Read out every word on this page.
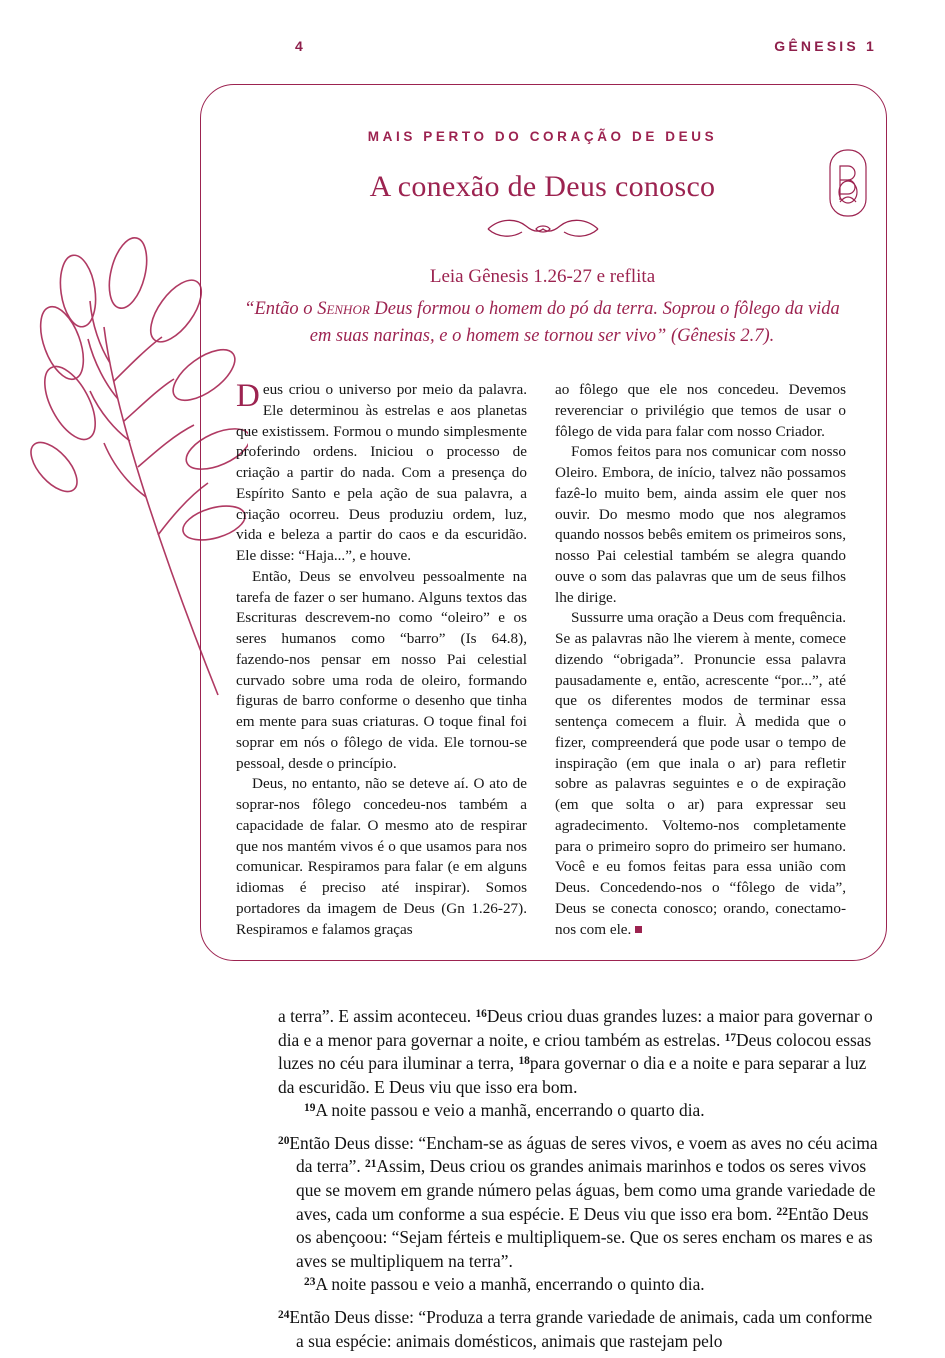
4	GÊNESIS 1
MAIS PERTO DO CORAÇÃO DE DEUS
A conexão de Deus conosco
Leia Gênesis 1.26-27 e reflita
“Então o Senhor Deus formou o homem do pó da terra. Soprou o fôlego da vida em suas narinas, e o homem se tornou ser vivo” (Gênesis 2.7).

Deus criou o universo por meio da palavra. Ele determinou às estrelas e aos planetas que existissem. Formou o mundo simplesmente proferindo ordens. Iniciou o processo de criação a partir do nada. Com a presença do Espírito Santo e pela ação de sua palavra, a criação ocorreu. Deus produziu ordem, luz, vida e beleza a partir do caos e da escuridão. Ele disse: “Haja...”, e houve.

Então, Deus se envolveu pessoalmente na tarefa de fazer o ser humano. Alguns textos das Escrituras descrevem-no como “oleiro” e os seres humanos como “barro” (Is 64.8), fazendo-nos pensar em nosso Pai celestial curvado sobre uma roda de oleiro, formando figuras de barro conforme o desenho que tinha em mente para suas criaturas. O toque final foi soprar em nós o fôlego de vida. Ele tornou-se pessoal, desde o princípio.

Deus, no entanto, não se deteve aí. O ato de soprar-nos fôlego concedeu-nos também a capacidade de falar. O mesmo ato de respirar que nos mantém vivos é o que usamos para nos comunicar. Respiramos para falar (e em alguns idiomas é preciso até inspirar). Somos portadores da imagem de Deus (Gn 1.26-27). Respiramos e falamos graças

ao fôlego que ele nos concedeu. Devemos reverenciar o privilégio que temos de usar o fôlego de vida para falar com nosso Criador.

Fomos feitos para nos comunicar com nosso Oleiro. Embora, de início, talvez não possamos fazê-lo muito bem, ainda assim ele quer nos ouvir. Do mesmo modo que nos alegramos quando nossos bebês emitem os primeiros sons, nosso Pai celestial também se alegra quando ouve o som das palavras que um de seus filhos lhe dirige.

Sussurre uma oração a Deus com frequência. Se as palavras não lhe vierem à mente, comece dizendo “obrigada”. Pronuncie essa palavra pausadamente e, então, acrescente “por...”, até que os diferentes modos de terminar essa sentença comecem a fluir. À medida que o fizer, compreenderá que pode usar o tempo de inspiração (em que inala o ar) para refletir sobre as palavras seguintes e o de expiração (em que solta o ar) para expressar seu agradecimento. Voltemo-nos completamente para o primeiro sopro do primeiro ser humano. Você e eu fomos feitas para essa união com Deus. Concedendo-nos o “fôlego de vida”, Deus se conecta conosco; orando, conectamo-nos com ele.

a terra”. E assim aconteceu. $^{16}$Deus criou duas grandes luzes: a maior para governar o dia e a menor para governar a noite, e criou também as estrelas. $^{17}$Deus colocou essas luzes no céu para iluminar a terra, $^{18}$para governar o dia e a noite e para separar a luz da escuridão. E Deus viu que isso era bom.

$^{19}$A noite passou e veio a manhã, encerrando o quarto dia.

$^{20}$Então Deus disse: “Encham-se as águas de seres vivos, e voem as aves no céu acima da terra”. $^{21}$Assim, Deus criou os grandes animais marinhos e todos os seres vivos que se movem em grande número pelas águas, bem como uma grande variedade de aves, cada um conforme a sua espécie. E Deus viu que isso era bom. $^{22}$Então Deus os abençoou: “Sejam férteis e multipliquem-se. Que os seres encham os mares e as aves se multipliquem na terra”.

$^{23}$A noite passou e veio a manhã, encerrando o quinto dia.

$^{24}$Então Deus disse: “Produza a terra grande variedade de animais, cada um conforme a sua espécie: animais domésticos, animais que rastejam pelo
